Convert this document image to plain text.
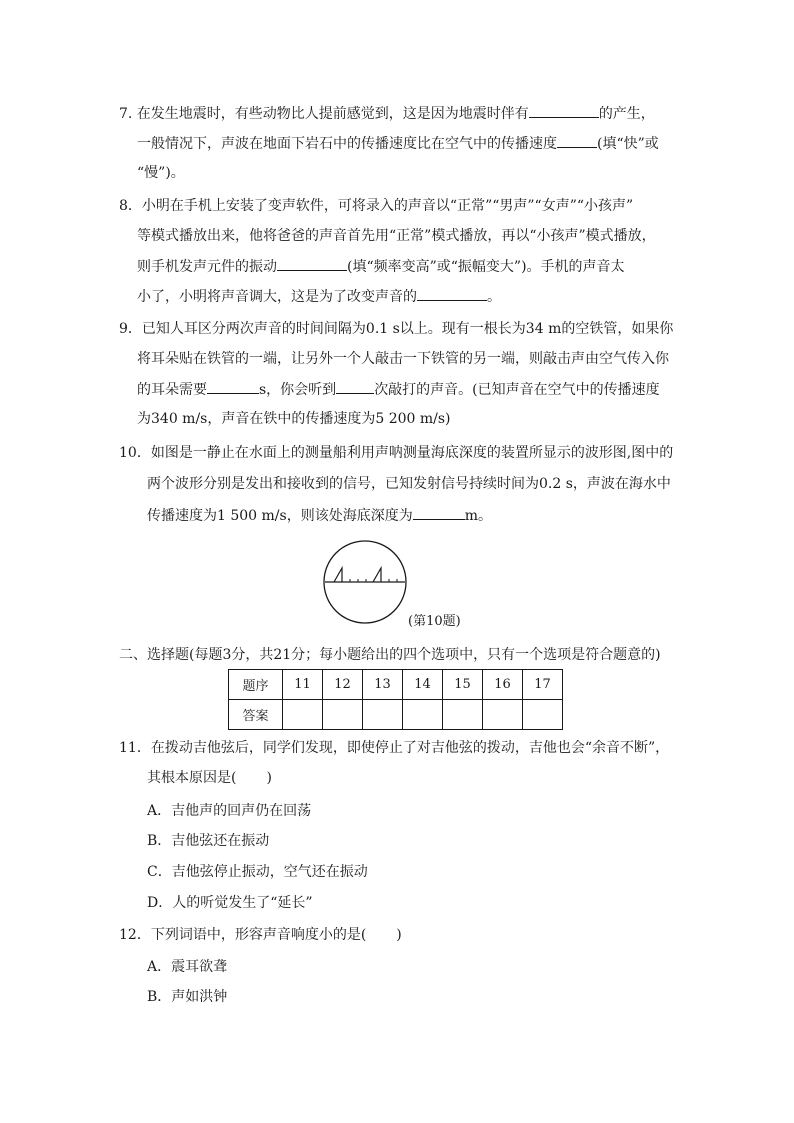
7. 在发生地震时，有些动物比人提前感觉到，这是因为地震时伴有	的产生，
一般情况下，声波在地面下岩石中的传播速度比在空气中的传播速度	(填“快”或
“慢”)。
8．小明在手机上安装了变声软件，可将录入的声音以“正常”“男声”“女声”“小孩声”
等模式播放出来，他将爸爸的声音首先用“正常”模式播放，再以“小孩声”模式播放，
则手机发声元件的振动	(填“频率变高”或“振幅变大”)。手机的声音太
小了，小明将声音调大，这是为了改变声音的	。
9．已知人耳区分两次声音的时间间隔为0.1 s以上。现有一根长为34 m的空铁管，如果你
将耳朵贴在铁管的一端，让另外一个人敲击一下铁管的另一端，则敲击声由空气传入你
的耳朵需要	s，你会听到	次敲打的声音。(已知声音在空气中的传播速度
为340 m/s，声音在铁中的传播速度为5 200 m/s)
10．如图是一静止在水面上的测量船利用声呐测量海底深度的装置所显示的波形图,图中的
两个波形分别是发出和接收到的信号，已知发射信号持续时间为0.2 s，声波在海水中
传播速度为1 500 m/s，则该处海底深度为	m。
(第10题)
二、选择题(每题3分，共21分；每小题给出的四个选项中，只有一个选项是符合题意的)
题序	11	12	13	14	15	16	17
答案							
11．在拨动吉他弦后，同学们发现，即使停止了对吉他弦的拨动，吉他也会“余音不断”，
其根本原因是( )
A．吉他声的回声仍在回荡
B．吉他弦还在振动
C．吉他弦停止振动，空气还在振动
D．人的听觉发生了“延长”
12．下列词语中，形容声音响度小的是( )
A．震耳欲聋
B．声如洪钟
